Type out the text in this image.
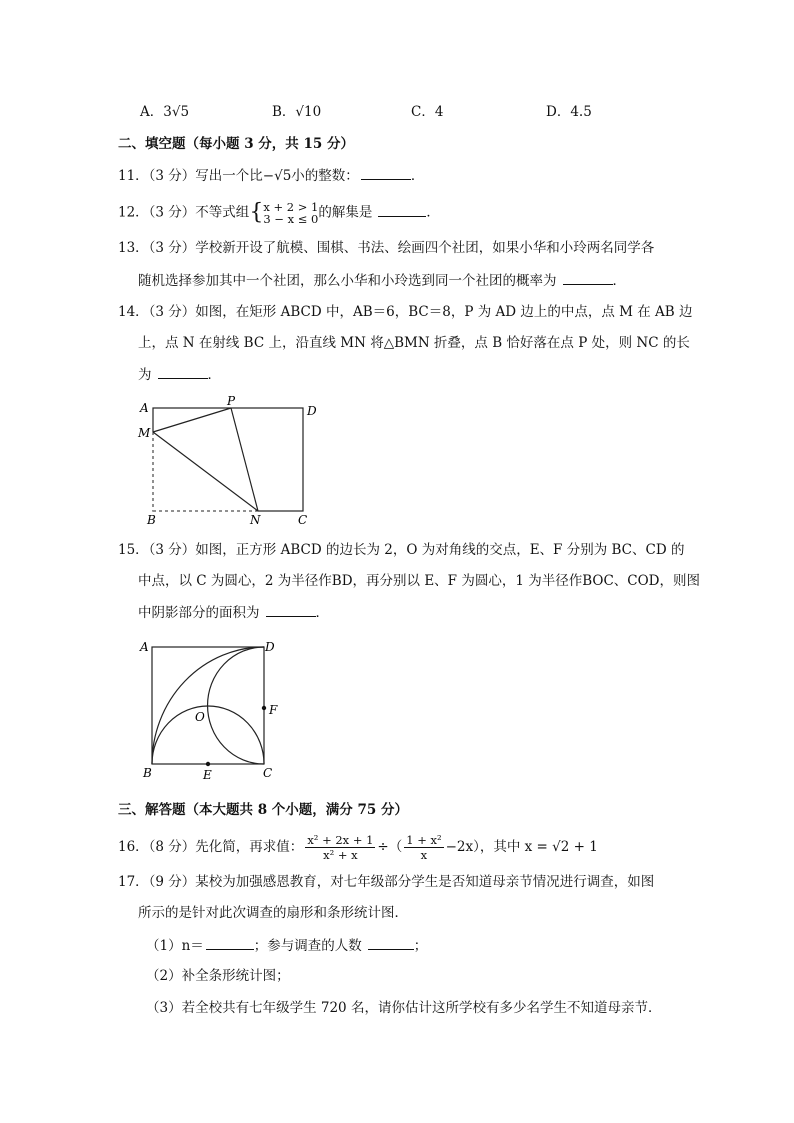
A．3√5	B．√10	C．4	D．4.5
二、填空题（每小题 3 分，共 15 分）
11．（3 分）写出一个比−√5小的整数：	．
12．（3 分）不等式组{ x + 2 > 1
3 − x ≤ 0 的解集是	．
13．（3 分）学校新开设了航模、围棋、书法、绘画四个社团，如果小华和小玲两名同学各
随机选择参加其中一个社团，那么小华和小玲选到同一个社团的概率为	．
14．（3 分）如图，在矩形 ABCD 中，AB＝6，BC＝8，P 为 AD 边上的中点，点 M 在 AB 边
上，点 N 在射线 BC 上，沿直线 MN 将△BMN 折叠，点 B 恰好落在点 P 处，则 NC 的长
为	．
A	P
D
M
B	N	C
15．（3 分）如图，正方形 ABCD 的边长为 2，O 为对角线的交点，E、F 分别为 BC、CD 的
中点，以 C 为圆心，2 为半径作BD，再分别以 E、F 为圆心，1 为半径作BOC、COD，则图
中阴影部分的面积为	．
A	D
O	F
B	E	C
三、解答题（本大题共 8 个小题，满分 75 分）
16．（8 分）先化简，再求值： $\frac{\text{x² + 2x + 1}}{\text{x² + x}}$ ÷（ $\frac{\text{1 + x²}}{x} -2x$），其中 x = √2 + 1
17．（9 分）某校为加强感恩教育，对七年级部分学生是否知道母亲节情况进行调查，如图
所示的是针对此次调查的扇形和条形统计图．
（1）n＝	；参与调查的人数	；
（2）补全条形统计图；
（3）若全校共有七年级学生 720 名，请你估计这所学校有多少名学生不知道母亲节．
